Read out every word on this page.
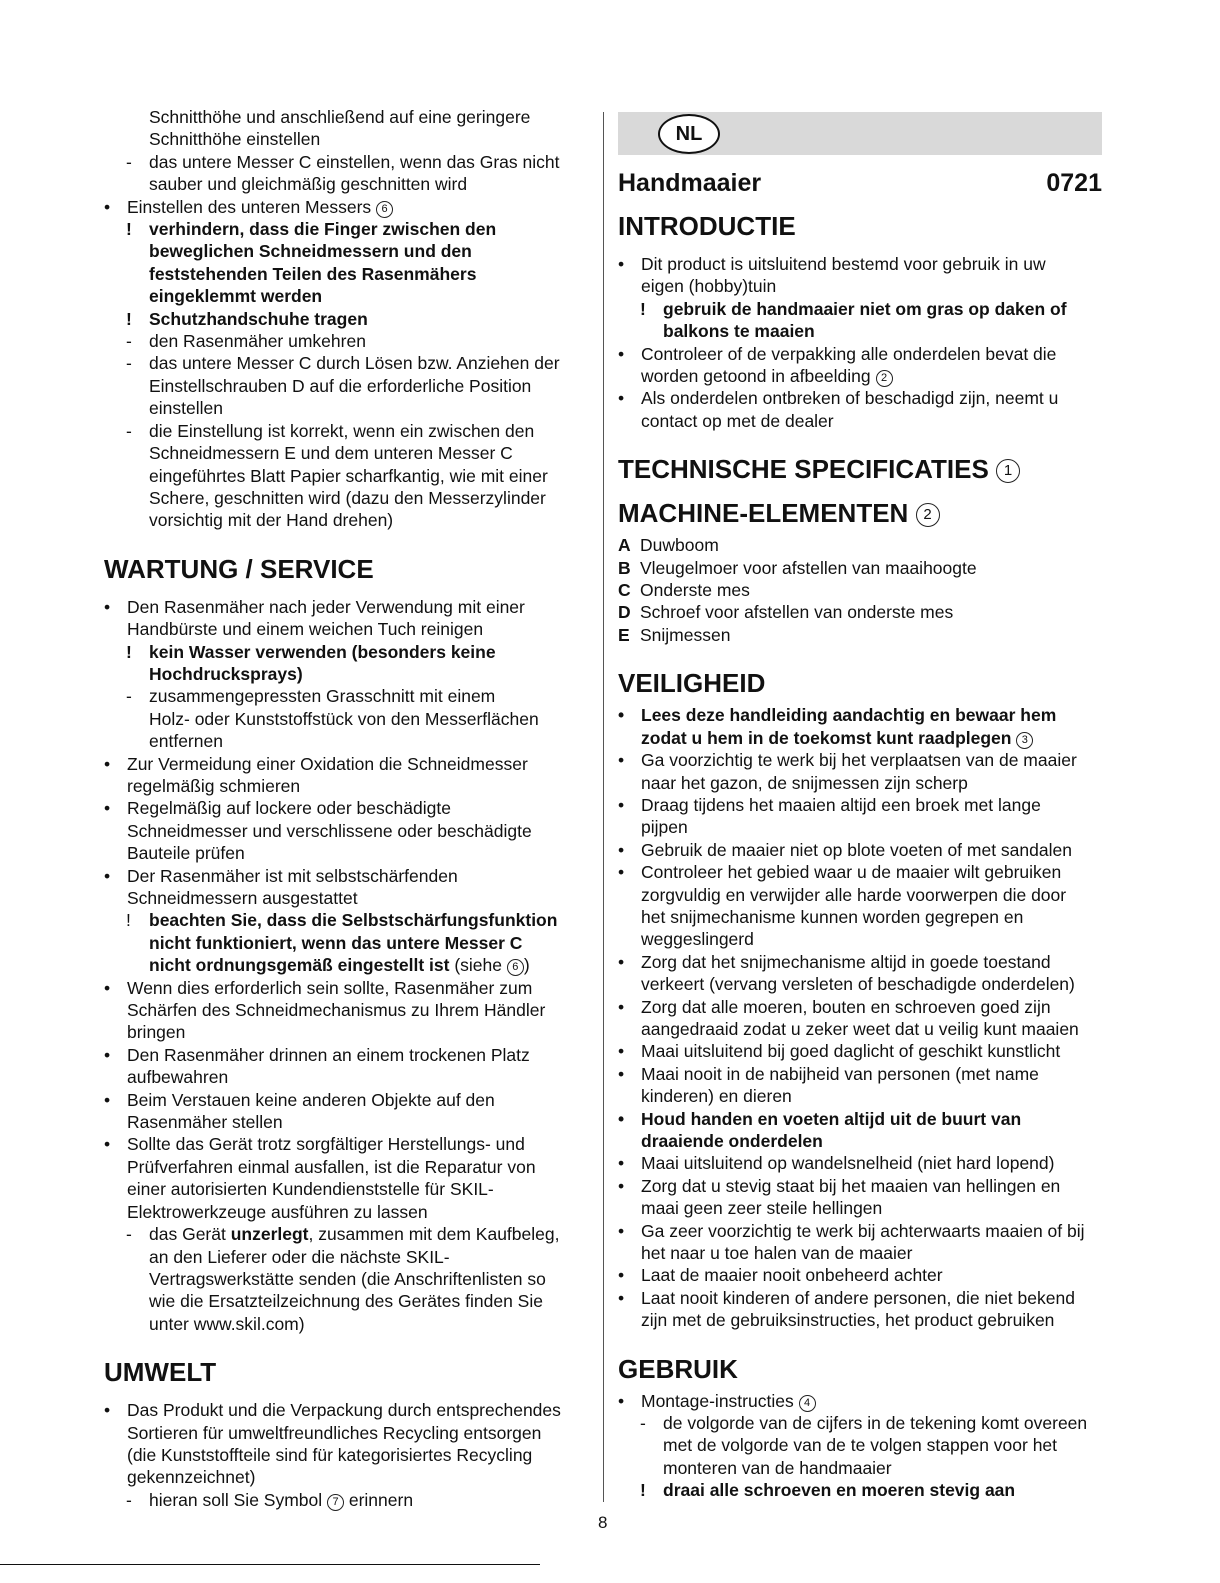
Schnitthöhe und anschließend auf eine geringere
Schnitthöhe einstellen
- das untere Messer C einstellen, wenn das Gras nicht
sauber und gleichmäßig geschnitten wird
• Einstellen des unteren Messers 6
! verhindern, dass die Finger zwischen den
beweglichen Schneidmessern und den
feststehenden Teilen des Rasenmähers
eingeklemmt werden
! Schutzhandschuhe tragen
- den Rasenmäher umkehren
- das untere Messer C durch Lösen bzw. Anziehen der
Einstellschrauben D auf die erforderliche Position
einstellen
- die Einstellung ist korrekt, wenn ein zwischen den
Schneidmessern E und dem unteren Messer C
eingeführtes Blatt Papier scharfkantig, wie mit einer
Schere, geschnitten wird (dazu den Messerzylinder
vorsichtig mit der Hand drehen)
WARTUNG / SERVICE
• Den Rasenmäher nach jeder Verwendung mit einer
Handbürste und einem weichen Tuch reinigen
! kein Wasser verwenden (besonders keine
Hochdrucksprays)
- zusammengepressten Grasschnitt mit einem
Holz- oder Kunststoffstück von den Messerflächen
entfernen
• Zur Vermeidung einer Oxidation die Schneidmesser
regelmäßig schmieren
• Regelmäßig auf lockere oder beschädigte
Schneidmesser und verschlissene oder beschädigte
Bauteile prüfen
• Der Rasenmäher ist mit selbstschärfenden
Schneidmessern ausgestattet
! beachten Sie, dass die Selbstschärfungsfunktion
nicht funktioniert, wenn das untere Messer C
nicht ordnungsgemäß eingestellt ist (siehe 6 )
• Wenn dies erforderlich sein sollte, Rasenmäher zum
Schärfen des Schneidmechanismus zu Ihrem Händler
bringen
• Den Rasenmäher drinnen an einem trockenen Platz
aufbewahren
• Beim Verstauen keine anderen Objekte auf den
Rasenmäher stellen
• Sollte das Gerät trotz sorgfältiger Herstellungs- und
Prüfverfahren einmal ausfallen, ist die Reparatur von
einer autorisierten Kundendienststelle für SKIL-
Elektrowerkzeuge ausführen zu lassen
- das Gerät unzerlegt, zusammen mit dem Kaufbeleg,
an den Lieferer oder die nächste SKIL-
Vertragswerkstätte senden (die Anschriftenlisten so
wie die Ersatzteilzeichnung des Gerätes finden Sie
unter www.skil.com)
UMWELT
• Das Produkt und die Verpackung durch entsprechendes
Sortieren für umweltfreundliches Recycling entsorgen
(die Kunststoffteile sind für kategorisiertes Recycling
gekennzeichnet)
- hieran soll Sie Symbol 7 erinnern
NL
Handmaaier	0721
INTRODUCTIE
• Dit product is uitsluitend bestemd voor gebruik in uw
eigen (hobby)tuin
! gebruik de handmaaier niet om gras op daken of
balkons te maaien
• Controleer of de verpakking alle onderdelen bevat die
worden getoond in afbeelding 2
• Als onderdelen ontbreken of beschadigd zijn, neemt u
contact op met de dealer
TECHNISCHE SPECIFICATIES 1
MACHINE-ELEMENTEN 2
A Duwboom
B Vleugelmoer voor afstellen van maaihoogte
C Onderste mes
D Schroef voor afstellen van onderste mes
E Snijmessen
VEILIGHEID
• Lees deze handleiding aandachtig en bewaar hem
zodat u hem in de toekomst kunt raadplegen 3
• Ga voorzichtig te werk bij het verplaatsen van de maaier
naar het gazon, de snijmessen zijn scherp
• Draag tijdens het maaien altijd een broek met lange
pijpen
• Gebruik de maaier niet op blote voeten of met sandalen
• Controleer het gebied waar u de maaier wilt gebruiken
zorgvuldig en verwijder alle harde voorwerpen die door
het snijmechanisme kunnen worden gegrepen en
weggeslingerd
• Zorg dat het snijmechanisme altijd in goede toestand
verkeert (vervang versleten of beschadigde onderdelen)
• Zorg dat alle moeren, bouten en schroeven goed zijn
aangedraaid zodat u zeker weet dat u veilig kunt maaien
• Maai uitsluitend bij goed daglicht of geschikt kunstlicht
• Maai nooit in de nabijheid van personen (met name
kinderen) en dieren
• Houd handen en voeten altijd uit de buurt van
draaiende onderdelen
• Maai uitsluitend op wandelsnelheid (niet hard lopend)
• Zorg dat u stevig staat bij het maaien van hellingen en
maai geen zeer steile hellingen
• Ga zeer voorzichtig te werk bij achterwaarts maaien of bij
het naar u toe halen van de maaier
• Laat de maaier nooit onbeheerd achter
• Laat nooit kinderen of andere personen, die niet bekend
zijn met de gebruiksinstructies, het product gebruiken
GEBRUIK
• Montage-instructies 4
- de volgorde van de cijfers in de tekening komt overeen
met de volgorde van de te volgen stappen voor het
monteren van de handmaaier
! draai alle schroeven en moeren stevig aan
8
